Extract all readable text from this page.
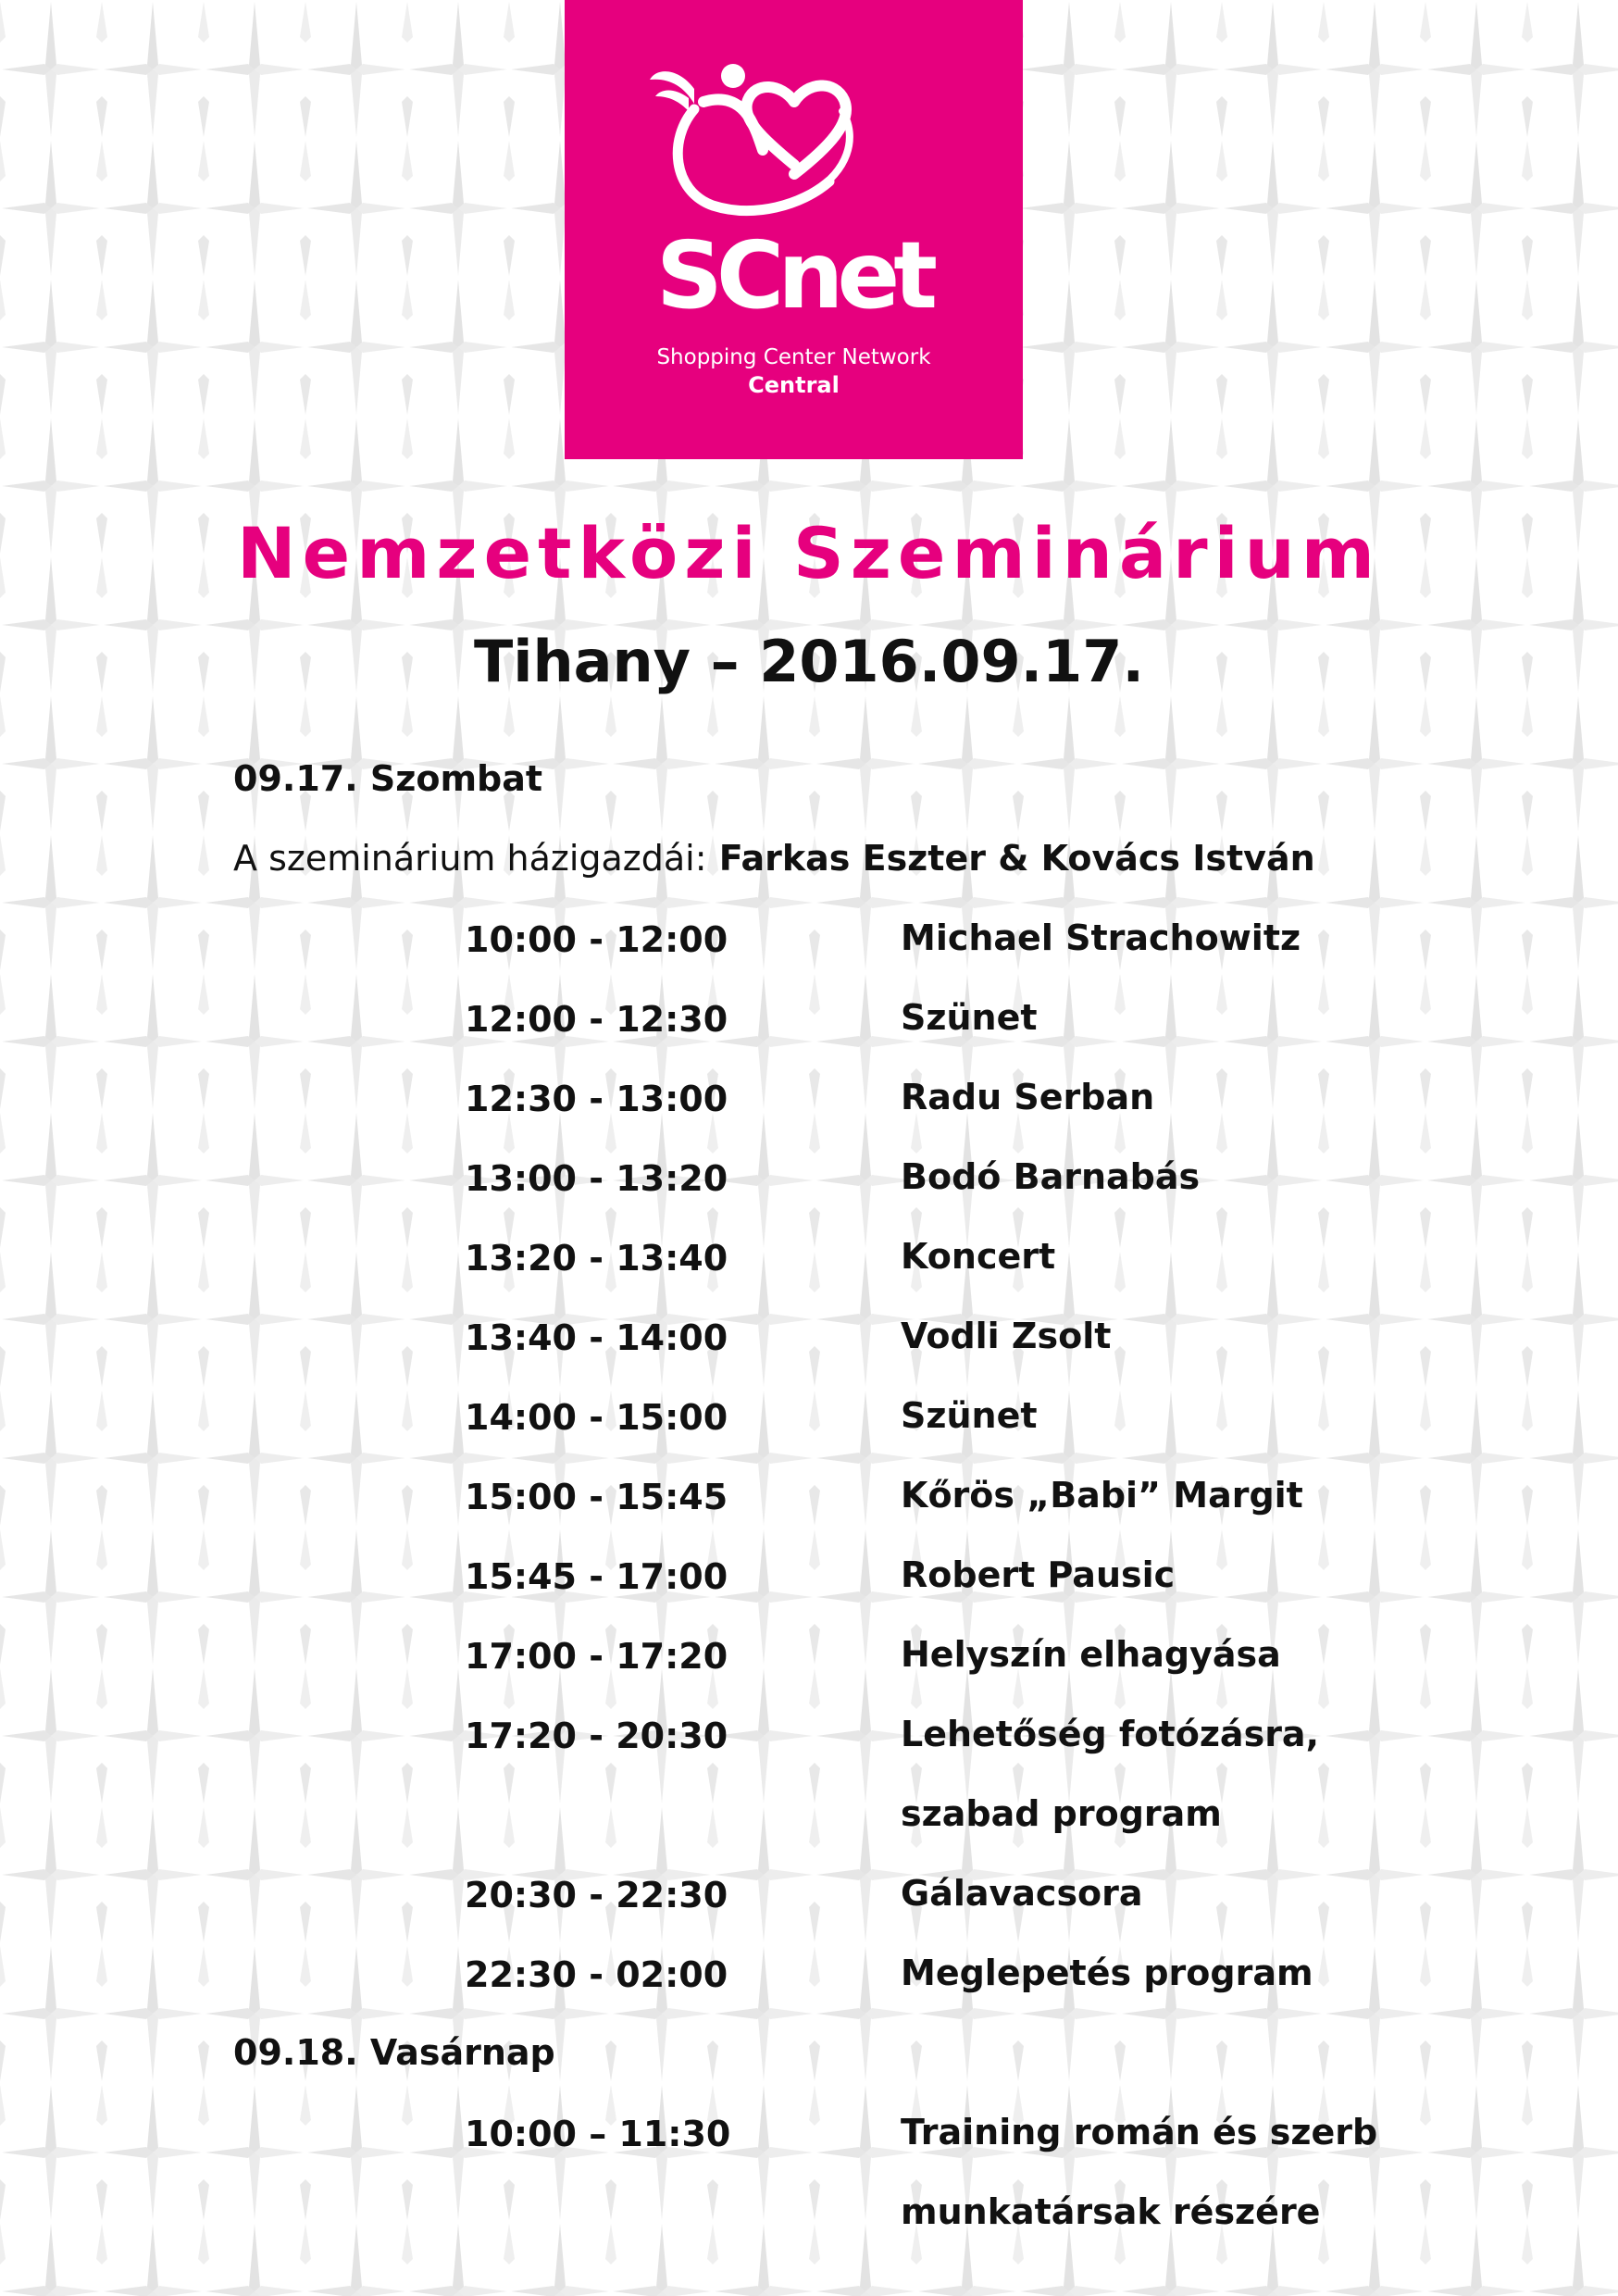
SCnet
Shopping Center Network
Central
Nemzetközi Szeminárium
Tihany – 2016.09.17.
09.17. Szombat
A szeminárium házigazdái: Farkas Eszter & Kovács István
10:00 - 12:00	Michael Strachowitz
12:00 - 12:30	Szünet
12:30 - 13:00	Radu Serban
13:00 - 13:20	Bodó Barnabás
13:20 - 13:40	Koncert
13:40 - 14:00	Vodli Zsolt
14:00 - 15:00	Szünet
15:00 - 15:45	Kőrös „Babi” Margit
15:45 - 17:00	Robert Pausic
17:00 - 17:20	Helyszín elhagyása
17:20 - 20:30	Lehetőség fotózásra,
szabad program
20:30 - 22:30	Gálavacsora
22:30 - 02:00	Meglepetés program
09.18. Vasárnap
10:00 – 11:30	Training román és szerb
munkatársak részére
